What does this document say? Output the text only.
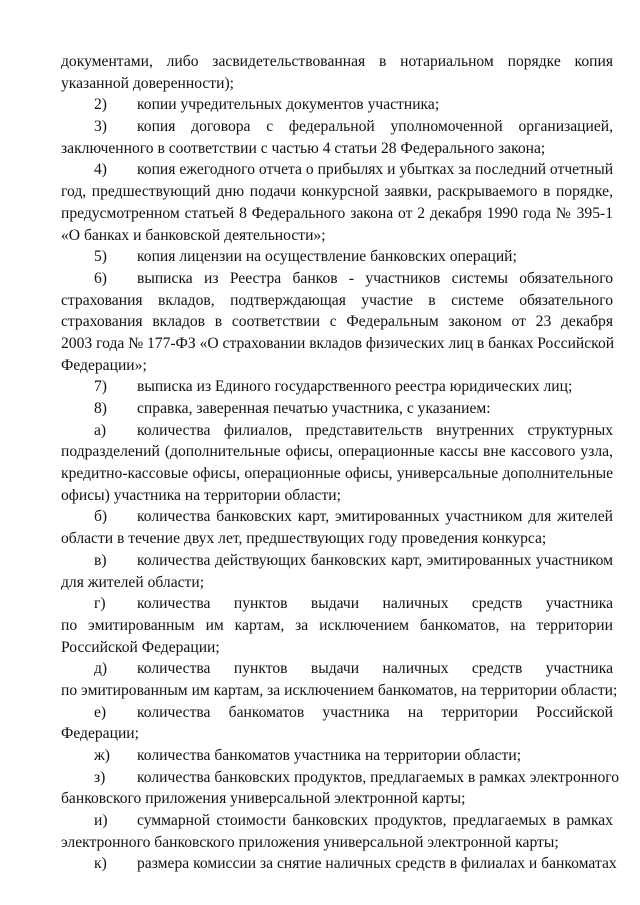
документами, либо засвидетельствованная в нотариальном порядке копия
указанной доверенности);
2)	копии учредительных документов участника;
3)	копия договора с федеральной уполномоченной организацией,
заключенного в соответствии с частью 4 статьи 28 Федерального закона;
4)	копия ежегодного отчета о прибылях и убытках за последний отчетный
год, предшествующий дню подачи конкурсной заявки, раскрываемого в порядке,
предусмотренном статьей 8 Федерального закона от 2 декабря 1990 года № 395-1
«О банках и банковской деятельности»;
5)	копия лицензии на осуществление банковских операций;
6)	выписка из Реестра банков - участников системы обязательного
страхования вкладов, подтверждающая участие в системе обязательного
страхования вкладов в соответствии с Федеральным законом от 23 декабря
2003 года № 177-ФЗ «О страховании вкладов физических лиц в банках Российской
Федерации»;
7)	выписка из Единого государственного реестра юридических лиц;
8)	справка, заверенная печатью участника, с указанием:
а)	количества филиалов, представительств внутренних структурных
подразделений (дополнительные офисы, операционные кассы вне кассового узла,
кредитно-кассовые офисы, операционные офисы, универсальные дополнительные
офисы) участника на территории области;
б)	количества банковских карт, эмитированных участником для жителей
области в течение двух лет, предшествующих году проведения конкурса;
в)	количества действующих банковских карт, эмитированных участником
для жителей области;
г)	количества пунктов выдачи наличных средств участника
по эмитированным им картам, за исключением банкоматов, на территории
Российской Федерации;
д)	количества пунктов выдачи наличных средств участника
по эмитированным им картам, за исключением банкоматов, на территории области;
е)	количества банкоматов участника на территории Российской
Федерации;
ж)	количества банкоматов участника на территории области;
з)	количества банковских продуктов, предлагаемых в рамках электронного
банковского приложения универсальной электронной карты;
и)	суммарной стоимости банковских продуктов, предлагаемых в рамках
электронного банковского приложения универсальной электронной карты;
к)	размера комиссии за снятие наличных средств в филиалах и банкоматах
